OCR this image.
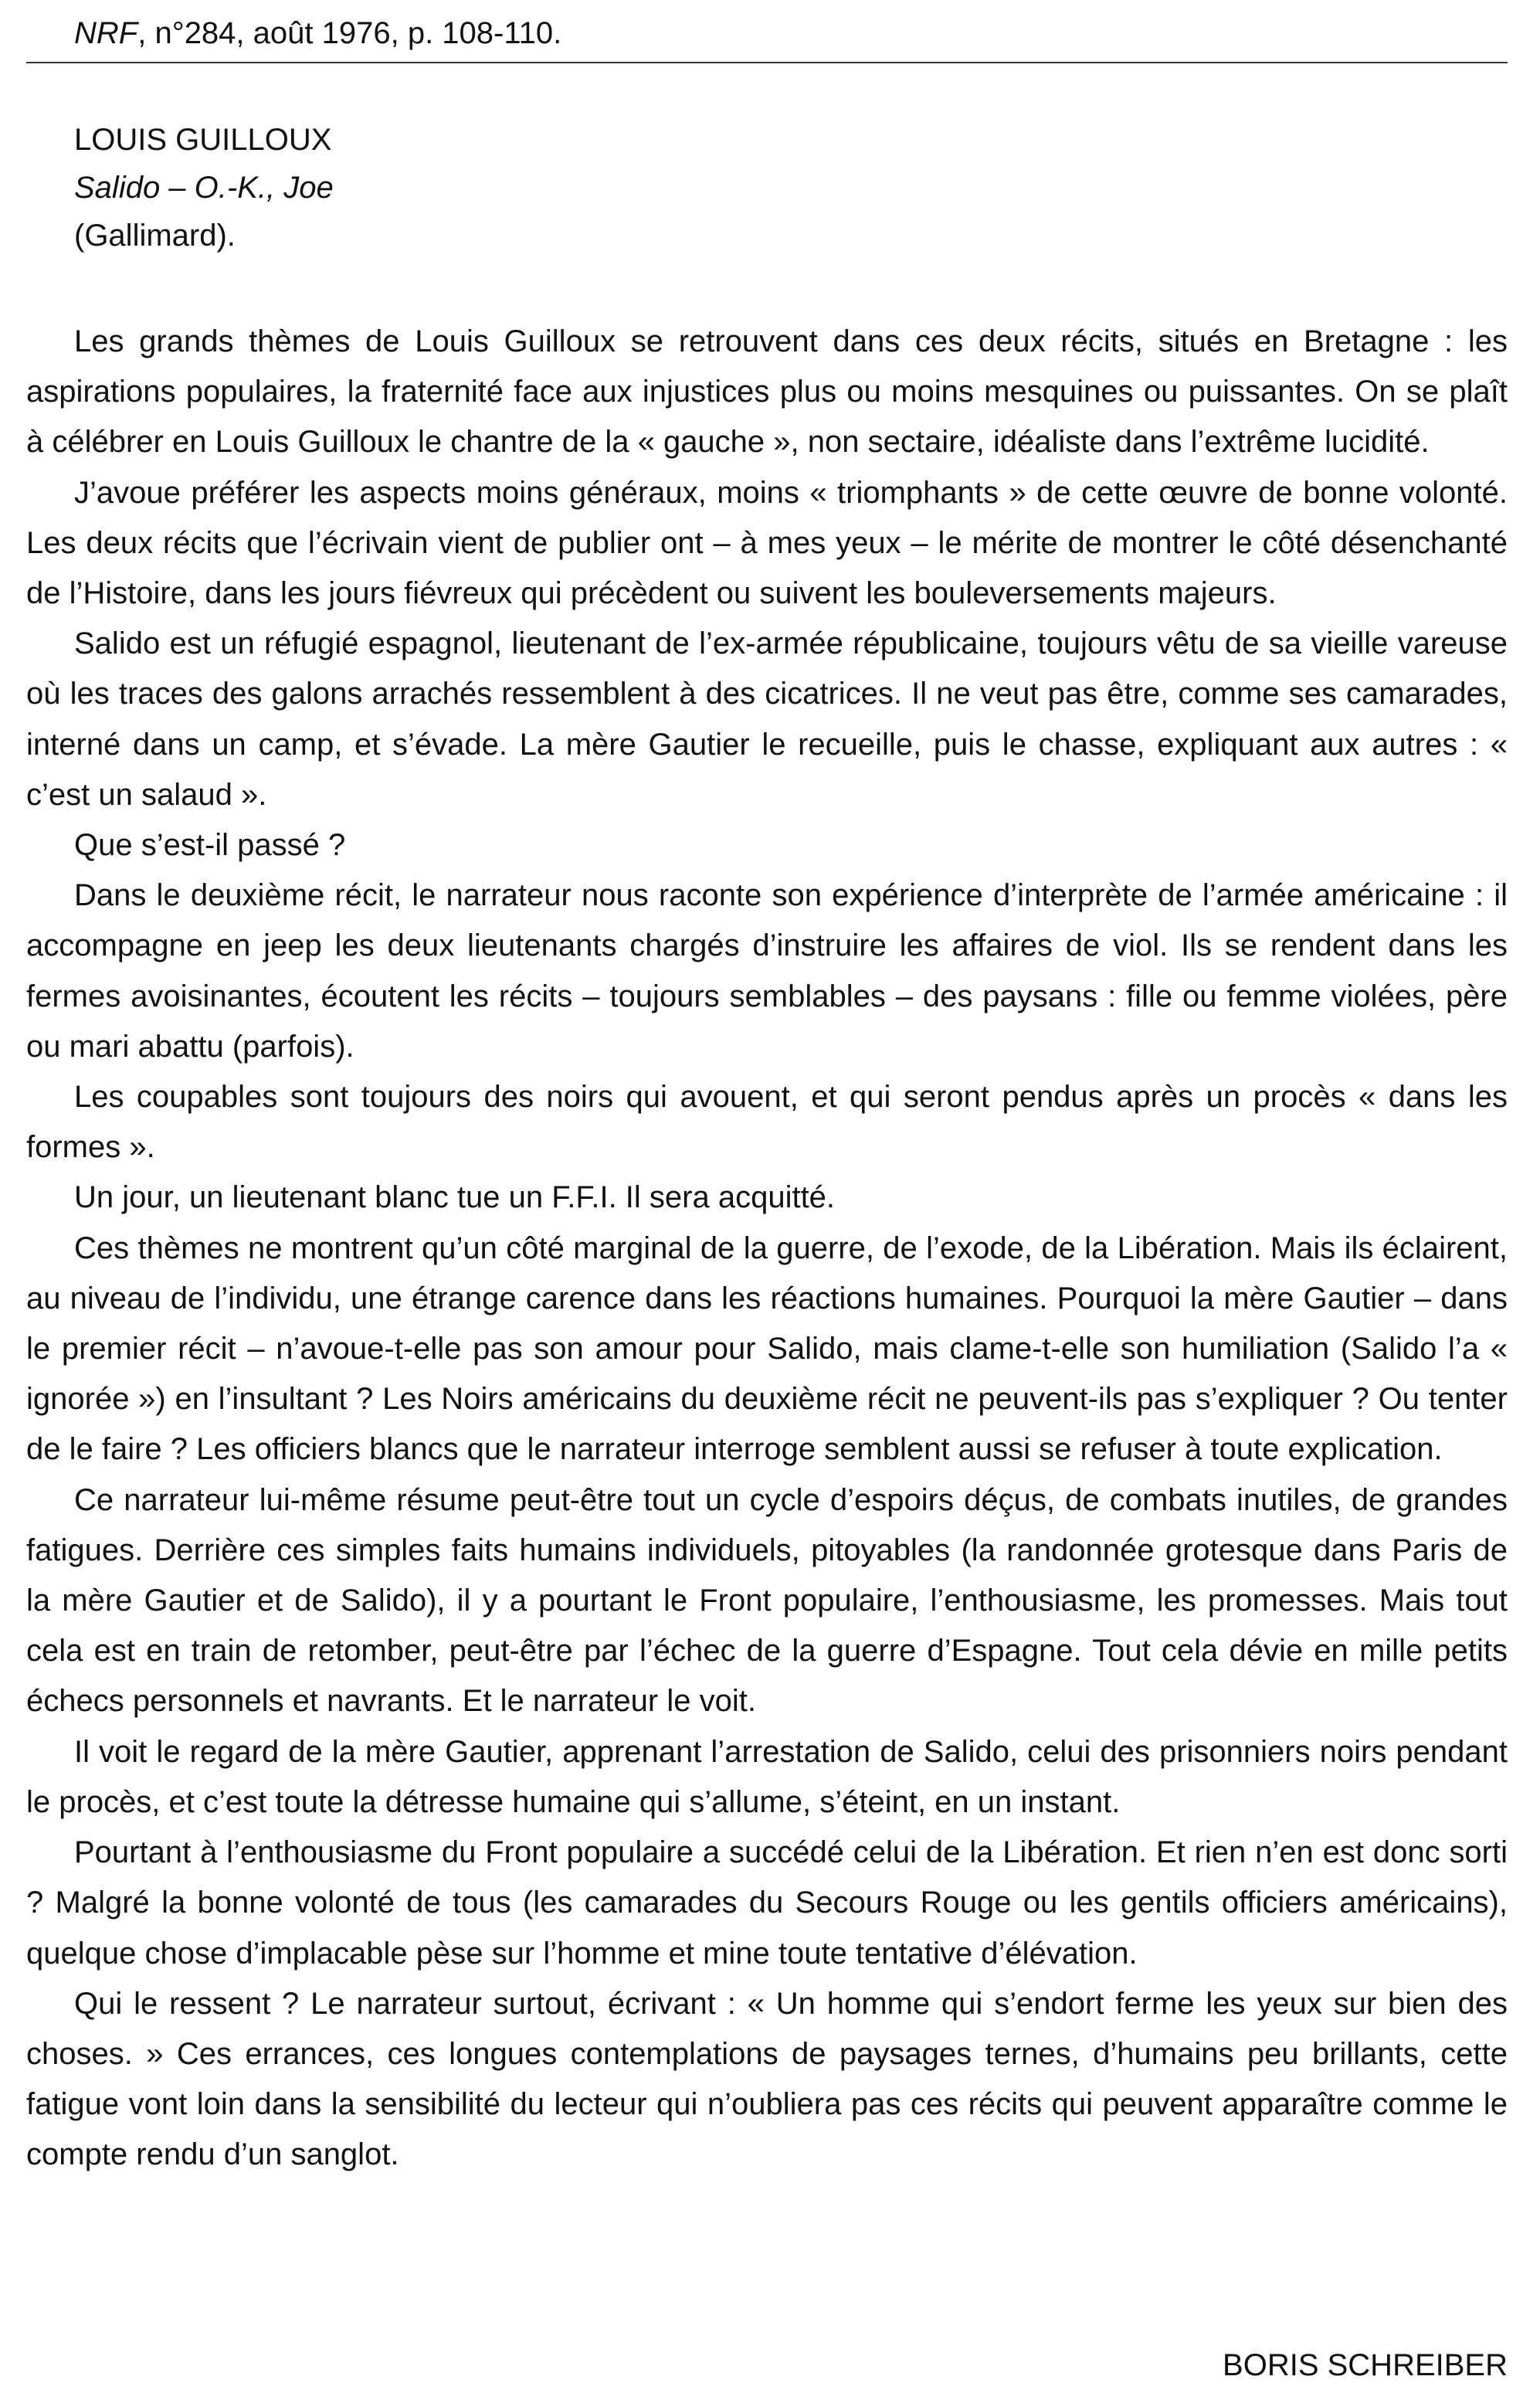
NRF, n°284, août 1976, p. 108-110.
LOUIS GUILLOUX
Salido – O.-K., Joe
(Gallimard).

Les grands thèmes de Louis Guilloux se retrouvent dans ces deux récits, situés en Bretagne : les aspirations populaires, la fraternité face aux injustices plus ou moins mesquines ou puissantes. On se plaît à célébrer en Louis Guilloux le chantre de la « gauche », non sectaire, idéaliste dans l’extrême lucidité.

J’avoue préférer les aspects moins généraux, moins « triomphants » de cette œuvre de bonne volonté. Les deux récits que l’écrivain vient de publier ont – à mes yeux – le mérite de montrer le côté désenchanté de l’Histoire, dans les jours fiévreux qui précèdent ou suivent les bouleversements majeurs.

Salido est un réfugié espagnol, lieutenant de l’ex-armée républicaine, toujours vêtu de sa vieille vareuse où les traces des galons arrachés ressemblent à des cicatrices. Il ne veut pas être, comme ses camarades, interné dans un camp, et s’évade. La mère Gautier le recueille, puis le chasse, expliquant aux autres : « c’est un salaud ».

Que s’est-il passé ?

Dans le deuxième récit, le narrateur nous raconte son expérience d’interprète de l’armée américaine : il accompagne en jeep les deux lieutenants chargés d’instruire les affaires de viol. Ils se rendent dans les fermes avoisinantes, écoutent les récits – toujours semblables – des paysans : fille ou femme violées, père ou mari abattu (parfois).

Les coupables sont toujours des noirs qui avouent, et qui seront pendus après un procès « dans les formes ».

Un jour, un lieutenant blanc tue un F.F.I. Il sera acquitté.

Ces thèmes ne montrent qu’un côté marginal de la guerre, de l’exode, de la Libération. Mais ils éclairent, au niveau de l’individu, une étrange carence dans les réactions humaines. Pourquoi la mère Gautier – dans le premier récit – n’avoue-t-elle pas son amour pour Salido, mais clame-t-elle son humiliation (Salido l’a « ignorée ») en l’insultant ? Les Noirs américains du deuxième récit ne peuvent-ils pas s’expliquer ? Ou tenter de le faire ? Les officiers blancs que le narrateur interroge semblent aussi se refuser à toute explication.

Ce narrateur lui-même résume peut-être tout un cycle d’espoirs déçus, de combats inutiles, de grandes fatigues. Derrière ces simples faits humains individuels, pitoyables (la randonnée grotesque dans Paris de la mère Gautier et de Salido), il y a pourtant le Front populaire, l’enthousiasme, les promesses. Mais tout cela est en train de retomber, peut-être par l’échec de la guerre d’Espagne. Tout cela dévie en mille petits échecs personnels et navrants. Et le narrateur le voit.

Il voit le regard de la mère Gautier, apprenant l’arrestation de Salido, celui des prisonniers noirs pendant le procès, et c’est toute la détresse humaine qui s’allume, s’éteint, en un instant.

Pourtant à l’enthousiasme du Front populaire a succédé celui de la Libération. Et rien n’en est donc sorti ? Malgré la bonne volonté de tous (les camarades du Secours Rouge ou les gentils officiers américains), quelque chose d’implacable pèse sur l’homme et mine toute tentative d’élévation.

Qui le ressent ? Le narrateur surtout, écrivant : « Un homme qui s’endort ferme les yeux sur bien des choses. » Ces errances, ces longues contemplations de paysages ternes, d’humains peu brillants, cette fatigue vont loin dans la sensibilité du lecteur qui n’oubliera pas ces récits qui peuvent apparaître comme le compte rendu d’un sanglot.

BORIS SCHREIBER
